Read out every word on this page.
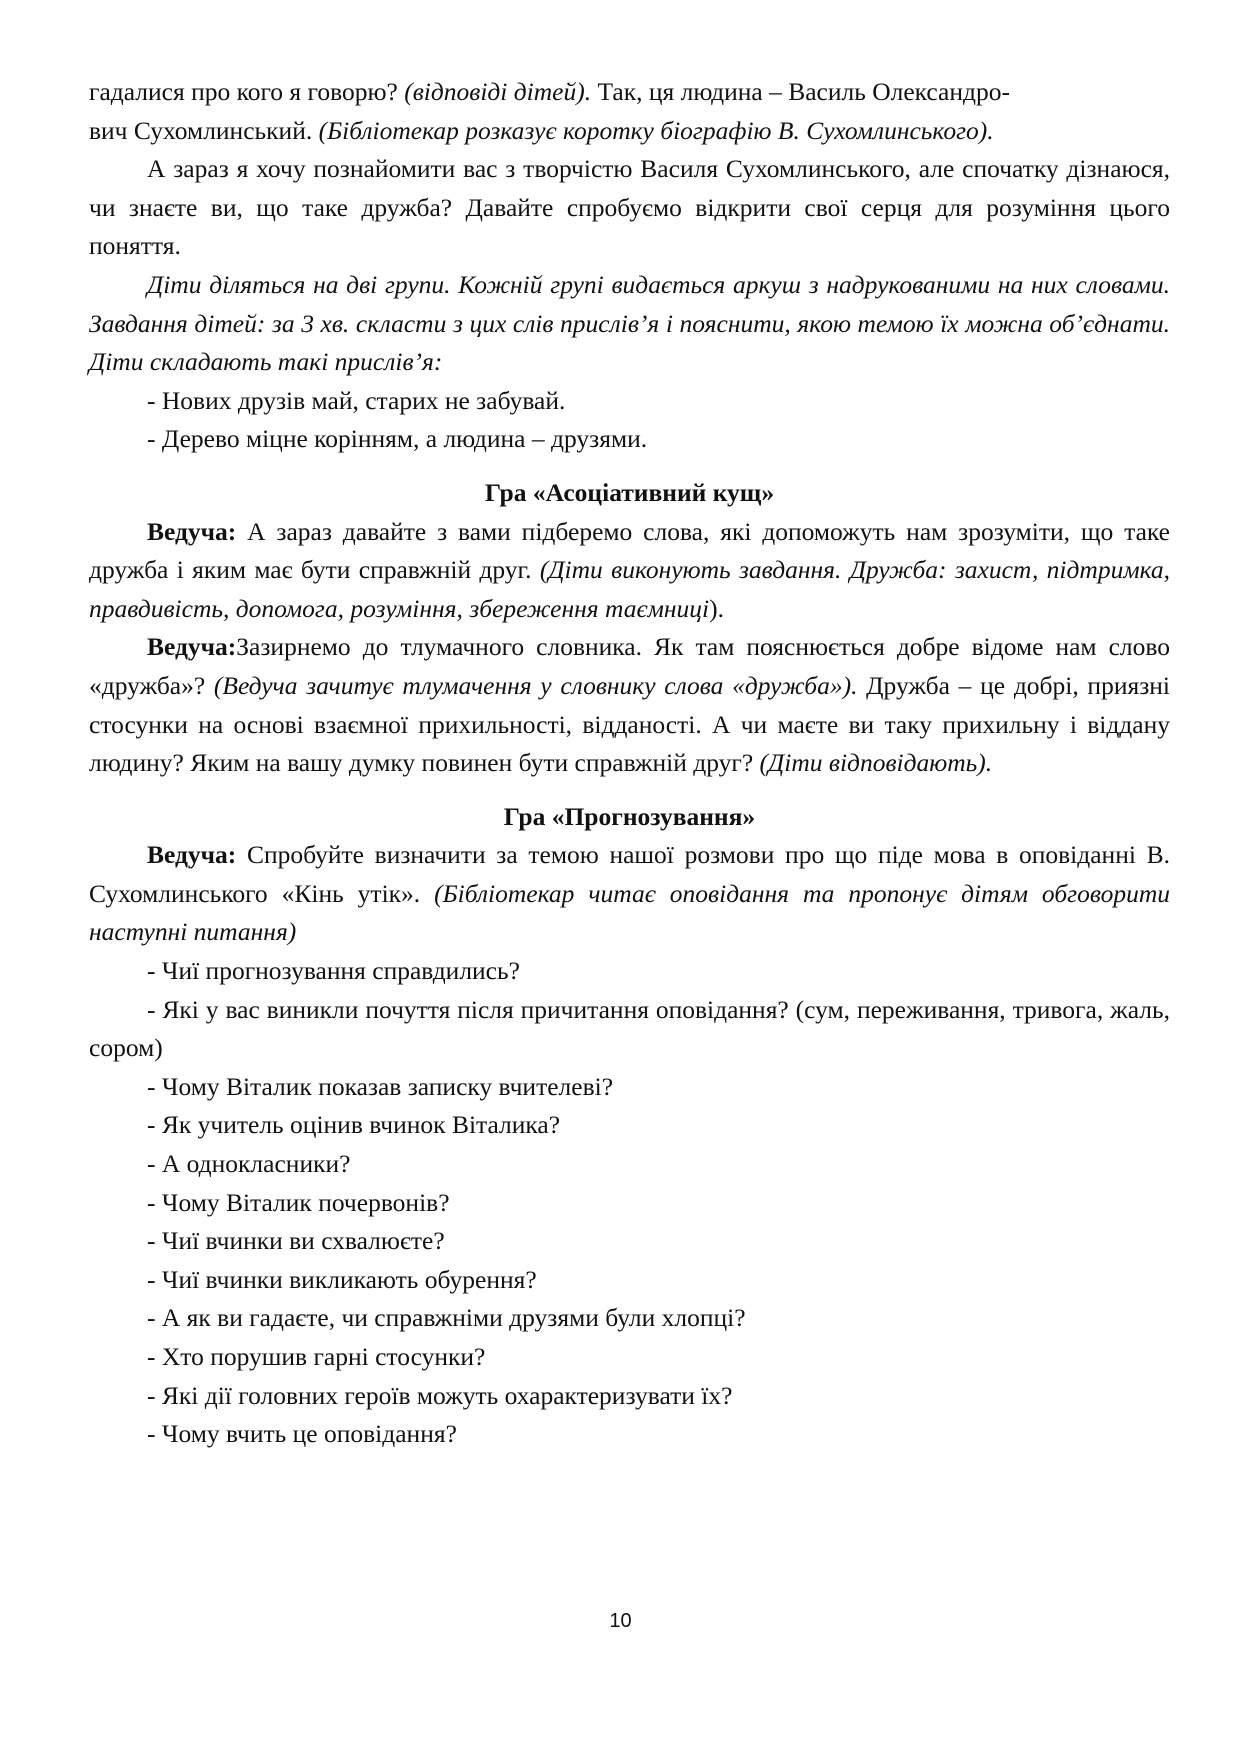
гадалися про кого я говорю? (відповіді дітей). Так, ця людина – Василь Олександро-

вич Сухомлинський. (Бібліотекар розказує коротку біографію В. Сухомлинського).

А зараз я хочу познайомити вас з творчістю Василя Сухомлинського, але спочатку дізнаюся, чи знаєте ви, що таке дружба? Давайте спробуємо відкрити свої серця для розуміння цього поняття.

Діти діляться на дві групи. Кожній групі видається аркуш з надрукованими на них словами. Завдання дітей: за 3 хв. скласти з цих слів прислів’я і пояснити, якою темою їх можна об’єднати. Діти складають такі прислів’я:

- Нових друзів май, старих не забувай.

- Дерево міцне корінням, а людина – друзями.

Гра «Асоціативний кущ»

Ведуча: А зараз давайте з вами підберемо слова, які допоможуть нам зрозуміти, що таке дружба і яким має бути справжній друг. (Діти виконують завдання. Дружба: захист, підтримка, правдивість, допомога, розуміння, збереження таємниці).

Ведуча:Зазирнемо до тлумачного словника. Як там пояснюється добре відоме нам слово «дружба»? (Ведуча зачитує тлумачення у словнику слова «дружба»). Дружба – це добрі, приязні стосунки на основі взаємної прихильності, відданості. А чи маєте ви таку прихильну і віддану людину? Яким на вашу думку повинен бути справжній друг? (Діти відповідають).

Гра «Прогнозування»

Ведуча: Спробуйте визначити за темою нашої розмови про що піде мова в оповіданні В. Сухомлинського «Кінь утік». (Бібліотекар читає оповідання та пропонує дітям обговорити наступні питання)

- Чиї прогнозування справдились?

- Які у вас виникли почуття після причитання оповідання? (сум, переживання, тривога, жаль, сором)

- Чому Віталик показав записку вчителеві?

- Як учитель оцінив вчинок Віталика?

- А однокласники?

- Чому Віталик почервонів?

- Чиї вчинки ви схвалюєте?

- Чиї вчинки викликають обурення?

- А як ви гадаєте, чи справжніми друзями були хлопці?

- Хто порушив гарні стосунки?

- Які дії головних героїв можуть охарактеризувати їх?

- Чому вчить це оповідання?

10
